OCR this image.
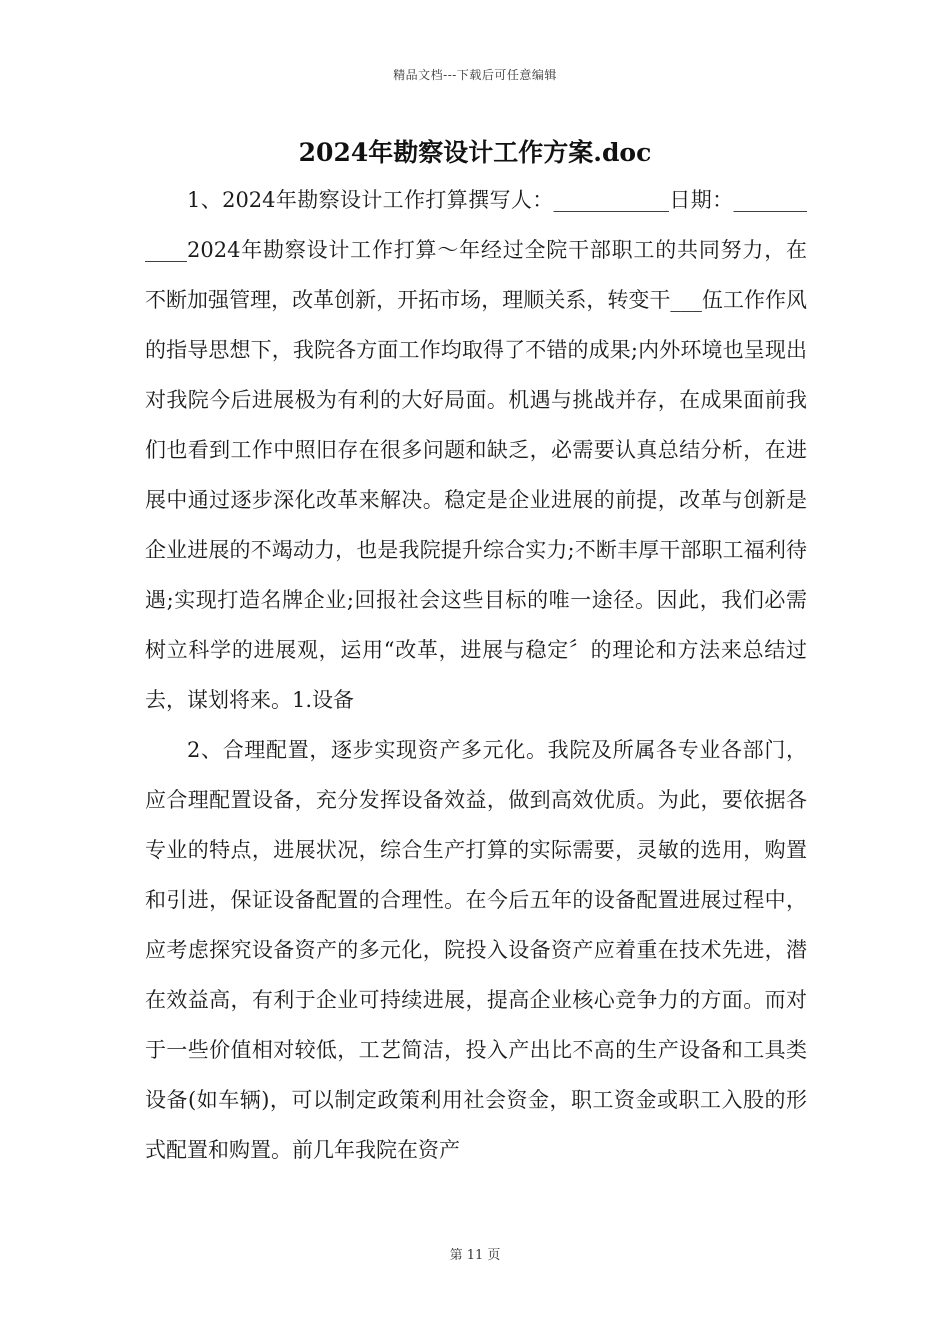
精品文档---下载后可任意编辑
2024年勘察设计工作方案.doc

1、2024年勘察设计工作打算撰写人：___________日期：___________2024年勘察设计工作打算～年经过全院干部职工的共同努力，在不断加强管理，改革创新，开拓市场，理顺关系，转变干___伍工作作风的指导思想下，我院各方面工作均取得了不错的成果;内外环境也呈现出对我院今后进展极为有利的大好局面。机遇与挑战并存，在成果面前我们也看到工作中照旧存在很多问题和缺乏，必需要认真总结分析，在进展中通过逐步深化改革来解决。稳定是企业进展的前提，改革与创新是企业进展的不竭动力，也是我院提升综合实力;不断丰厚干部职工福利待遇;实现打造名牌企业;回报社会这些目标的唯一途径。因此，我们必需树立科学的进展观，运用“改革，进展与稳定〞的理论和方法来总结过去，谋划将来。1.设备

2、合理配置，逐步实现资产多元化。我院及所属各专业各部门，应合理配置设备，充分发挥设备效益，做到高效优质。为此，要依据各专业的特点，进展状况，综合生产打算的实际需要，灵敏的选用，购置和引进，保证设备配置的合理性。在今后五年的设备配置进展过程中，应考虑探究设备资产的多元化，院投入设备资产应着重在技术先进，潜在效益高，有利于企业可持续进展，提高企业核心竞争力的方面。而对于一些价值相对较低，工艺简洁，投入产出比不高的生产设备和工具类设备(如车辆)，可以制定政策利用社会资金，职工资金或职工入股的形式配置和购置。前几年我院在资产

第 11 页
